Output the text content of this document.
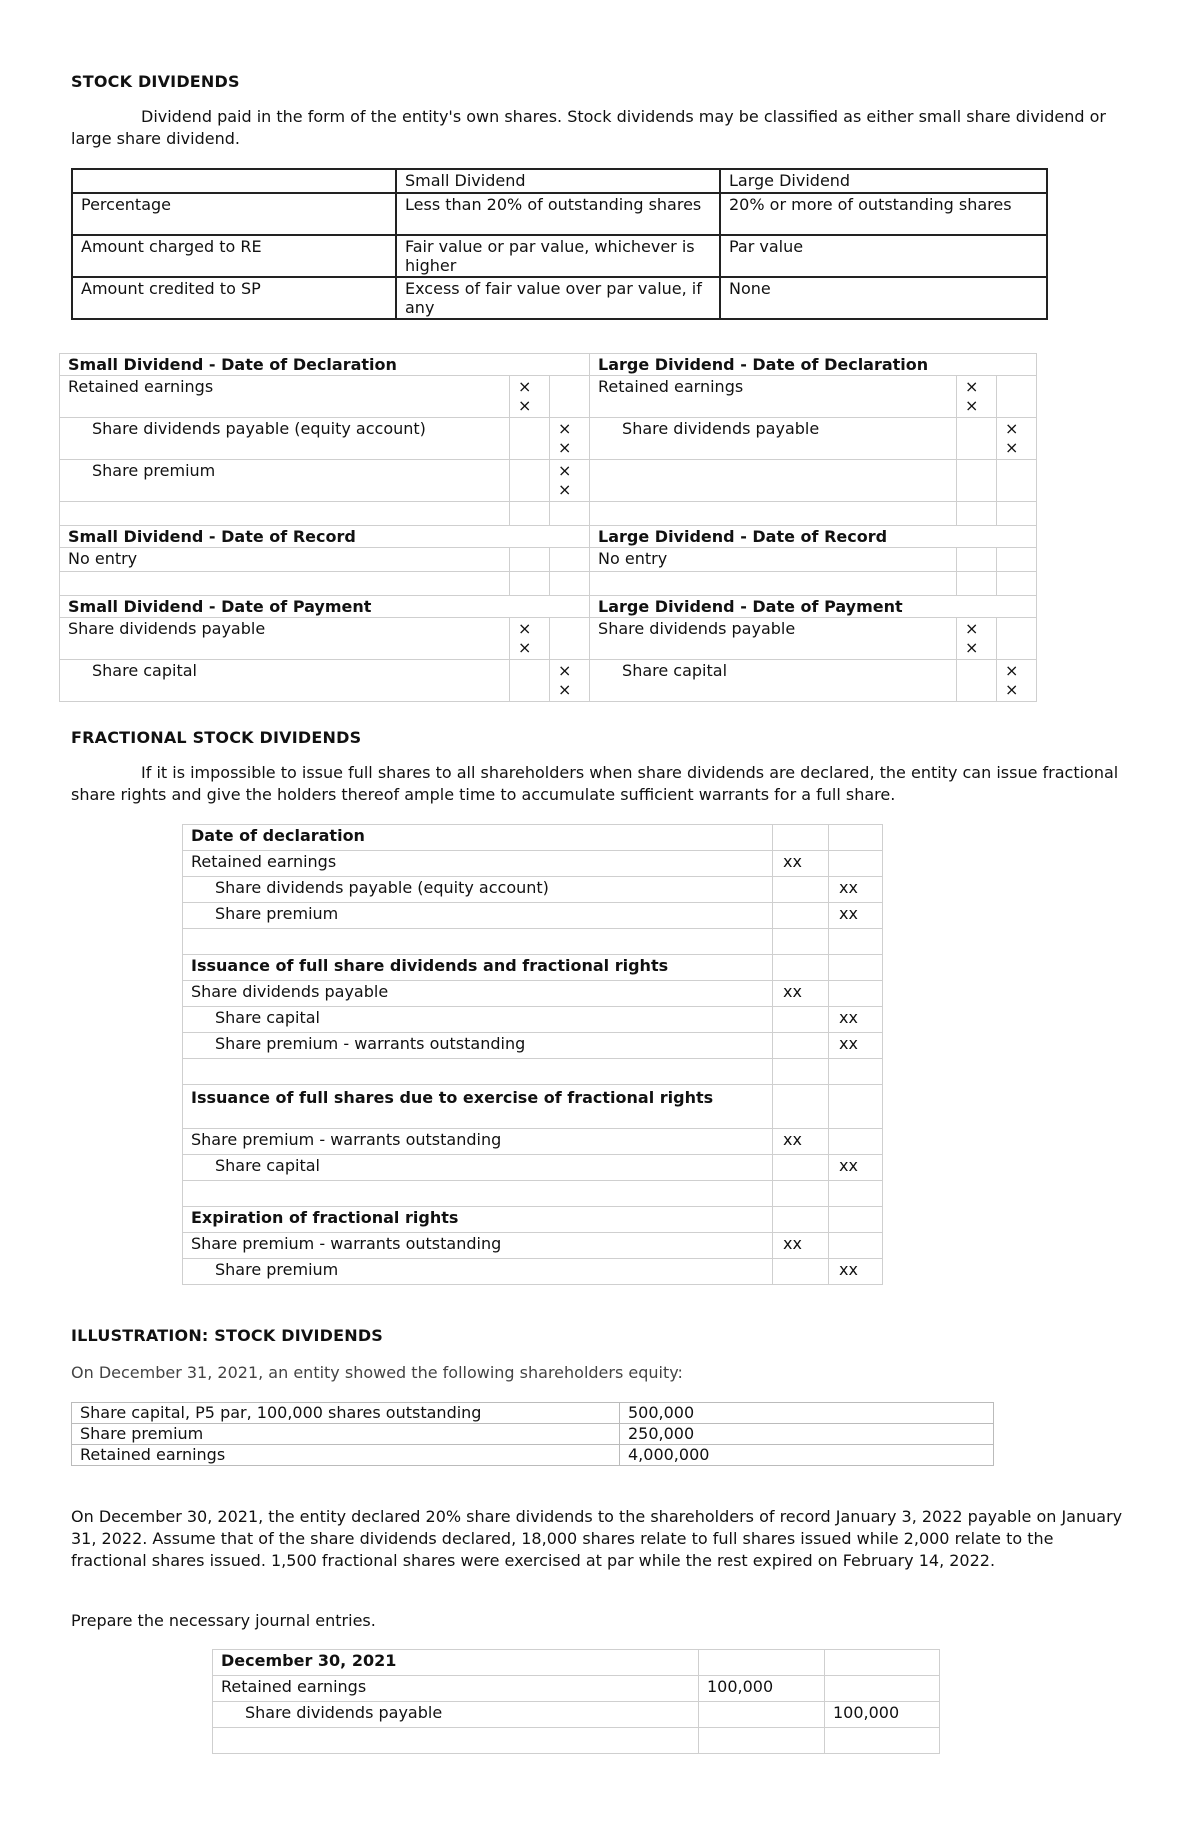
STOCK DIVIDENDS

Dividend paid in the form of the entity's own shares. Stock dividends may be classified as either small share dividend or large share dividend.

	Small Dividend	Large Dividend
Percentage	Less than 20% of outstanding shares	20% or more of outstanding shares
Amount charged to RE	Fair value or par value, whichever is higher	Par value
Amount credited to SP	Excess of fair value over par value, if any	None
Small Dividend - Date of Declaration			Large Dividend - Date of Declaration		
Retained earnings	× ×		Retained earnings	× ×	
Share dividends payable (equity account)		× ×	Share dividends payable		× ×
Share premium		× ×			

Small Dividend - Date of Record			Large Dividend - Date of Record		
No entry			No entry		

Small Dividend - Date of Payment			Large Dividend - Date of Payment		
Share dividends payable	× ×		Share dividends payable	× ×	
Share capital		× ×	Share capital		× ×

FRACTIONAL STOCK DIVIDENDS

If it is impossible to issue full shares to all shareholders when share dividends are declared, the entity can issue fractional share rights and give the holders thereof ample time to accumulate sufficient warrants for a full share.

Date of declaration		
Retained earnings	xx	
Share dividends payable (equity account)		xx
Share premium		xx

Issuance of full share dividends and fractional rights		
Share dividends payable	xx	
Share capital		xx
Share premium - warrants outstanding		xx

Issuance of full shares due to exercise of fractional rights		
Share premium - warrants outstanding	xx	
Share capital		xx

Expiration of fractional rights		
Share premium - warrants outstanding	xx	
Share premium		xx

ILLUSTRATION: STOCK DIVIDENDS

On December 31, 2021, an entity showed the following shareholders equity:

Share capital, P5 par, 100,000 shares outstanding	500,000
Share premium	250,000
Retained earnings	4,000,000

On December 30, 2021, the entity declared 20% share dividends to the shareholders of record January 3, 2022 payable on January 31, 2022. Assume that of the share dividends declared, 18,000 shares relate to full shares issued while 2,000 relate to the fractional shares issued. 1,500 fractional shares were exercised at par while the rest expired on February 14, 2022.

Prepare the necessary journal entries.

December 30, 2021		
Retained earnings	100,000	
Share dividends payable		100,000
